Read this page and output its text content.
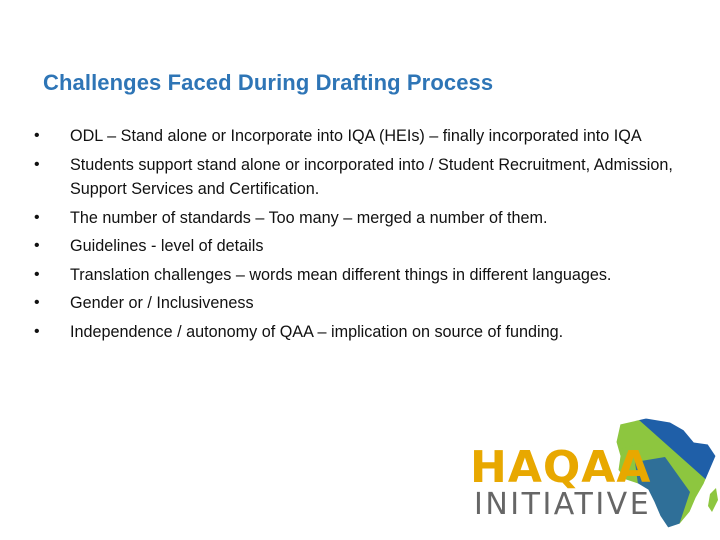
Challenges Faced During Drafting Process
• ODL – Stand alone or Incorporate into IQA (HEIs) – finally incorporated into IQA
• Students support stand alone or incorporated into / Student Recruitment, Admission, Support Services and Certification.
• The number of standards – Too many – merged a number of them.
• Guidelines - level of details
• Translation challenges – words mean different things in different languages.
• Gender or / Inclusiveness
• Independence / autonomy of QAA – implication on source of funding.
HAQAA
INITIATIVE
